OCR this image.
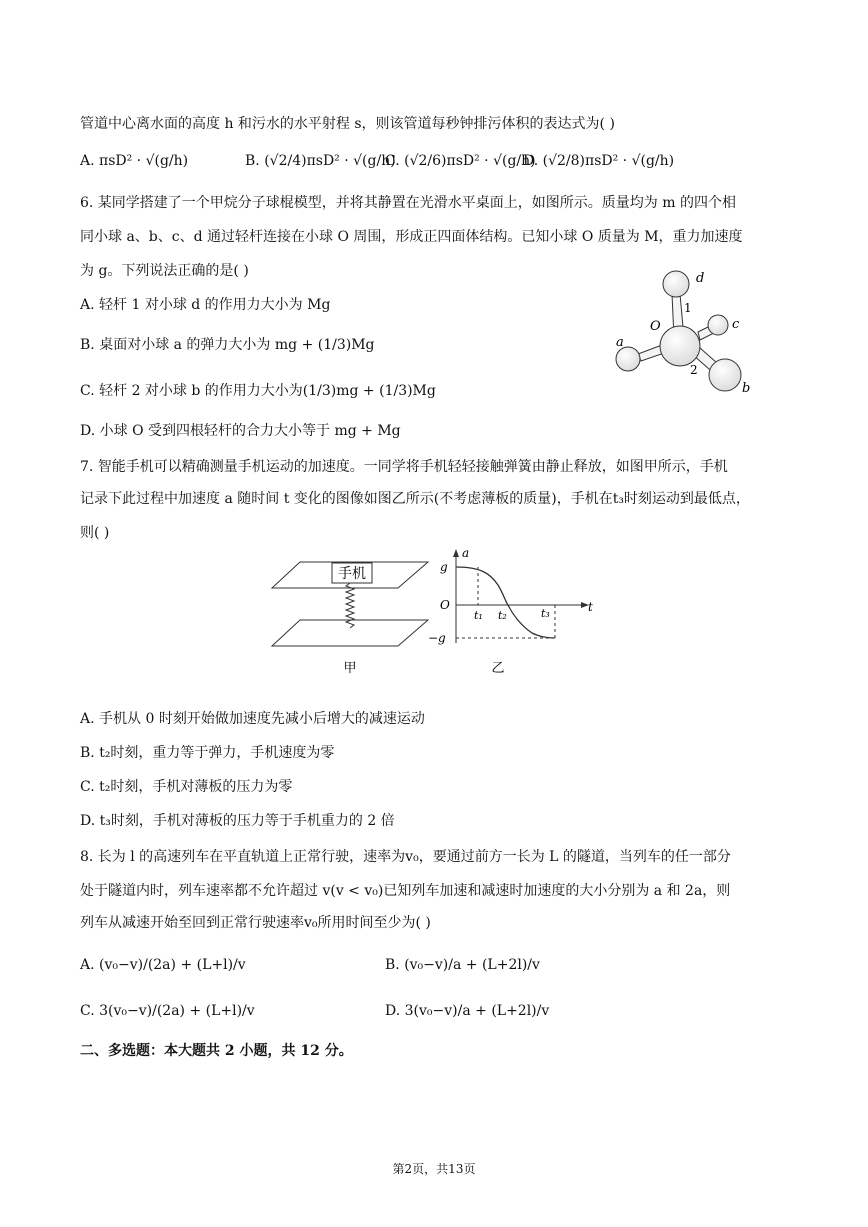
管道中心离水面的高度 h 和污水的水平射程 s，则该管道每秒钟排污体积的表达式为( )
A. πsD² · √(g/h)	B. (√2/4)πsD² · √(g/h)
C. (√2/6)πsD² · √(g/h)
D. (√2/8)πsD² · √(g/h)
6. 某同学搭建了一个甲烷分子球棍模型，并将其静置在光滑水平桌面上，如图所示。质量均为 m 的四个相
同小球 a、b、c、d 通过轻杆连接在小球 O 周围，形成正四面体结构。已知小球 O 质量为 M，重力加速度
为 g。下列说法正确的是( )
A. 轻杆 1 对小球 d 的作用力大小为 Mg
B. 桌面对小球 a 的弹力大小为 mg + (1/3)Mg
C. 轻杆 2 对小球 b 的作用力大小为(1/3)mg + (1/3)Mg
D. 小球 O 受到四根轻杆的合力大小等于 mg + Mg
d
1
O	c
a
2
b
7. 智能手机可以精确测量手机运动的加速度。一同学将手机轻轻接触弹簧由静止释放，如图甲所示，手机
记录下此过程中加速度 a 随时间 t 变化的图像如图乙所示(不考虑薄板的质量)，手机在t₃时刻运动到最低点，
则( )
手机
甲
a
g
O
−g
t
t₁ t₂	t₃
乙
A. 手机从 0 时刻开始做加速度先减小后增大的减速运动
B. t₂时刻，重力等于弹力，手机速度为零
C. t₂时刻，手机对薄板的压力为零
D. t₃时刻，手机对薄板的压力等于手机重力的 2 倍
8. 长为 l 的高速列车在平直轨道上正常行驶，速率为v₀，要通过前方一长为 L 的隧道，当列车的任一部分
处于隧道内时，列车速率都不允许超过 v(v < v₀)已知列车加速和减速时加速度的大小分别为 a 和 2a，则
列车从减速开始至回到正常行驶速率v₀所用时间至少为( )
A. (v₀−v)/(2a) + (L+l)/v	B. (v₀−v)/a + (L+2l)/v
C. 3(v₀−v)/(2a) + (L+l)/v	D. 3(v₀−v)/a + (L+2l)/v
二、多选题：本大题共 2 小题，共 12 分。
第2页，共13页
